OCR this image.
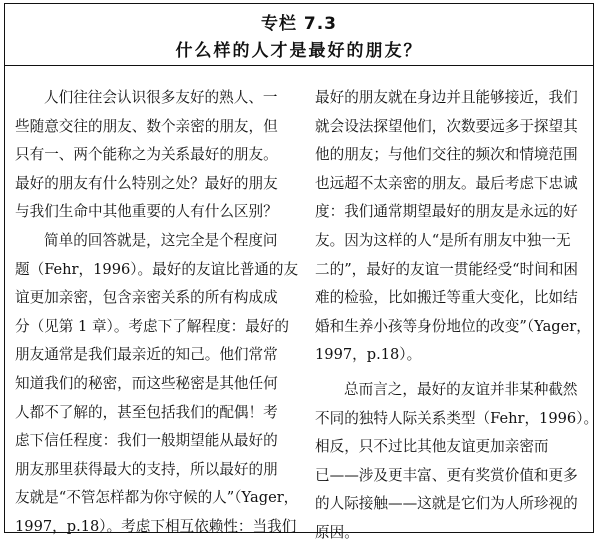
专栏 7.3
什么样的人才是最好的朋友？
人们往往会认识很多友好的熟人、一
些随意交往的朋友、数个亲密的朋友，但
只有一、两个能称之为关系最好的朋友。
最好的朋友有什么特别之处？最好的朋友
与我们生命中其他重要的人有什么区别？
简单的回答就是，这完全是个程度问
题（Fehr，1996）。最好的友谊比普通的友
谊更加亲密，包含亲密关系的所有构成成
分（见第 1 章）。考虑下了解程度：最好的
朋友通常是我们最亲近的知己。他们常常
知道我们的秘密，而这些秘密是其他任何
人都不了解的，甚至包括我们的配偶！考
虑下信任程度：我们一般期望能从最好的
朋友那里获得最大的支持，所以最好的朋
友就是“不管怎样都为你守候的人”（Yager，
1997，p.18）。考虑下相互依赖性：当我们
最好的朋友就在身边并且能够接近，我们
就会设法探望他们，次数要远多于探望其
他的朋友；与他们交往的频次和情境范围
也远超不太亲密的朋友。最后考虑下忠诚
度：我们通常期望最好的朋友是永远的好
友。因为这样的人“是所有朋友中独一无
二的”，最好的友谊一贯能经受“时间和困
难的检验，比如搬迁等重大变化，比如结
婚和生养小孩等身份地位的改变”（Yager，
1997，p.18）。
总而言之，最好的友谊并非某种截然
不同的独特人际关系类型（Fehr，1996）。
相反，只不过比其他友谊更加亲密而
已——涉及更丰富、更有奖赏价值和更多
的人际接触——这就是它们为人所珍视的
原因。
